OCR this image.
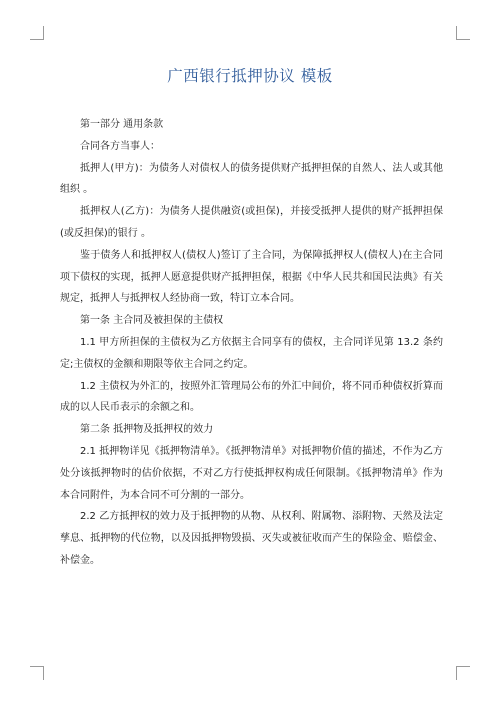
广西银行抵押协议 模板

第一部分 通用条款

合同各方当事人：

抵押人(甲方)：为债务人对债权人的债务提供财产抵押担保的自然人、法人或其他组织 。

抵押权人(乙方)：为债务人提供融资(或担保)，并接受抵押人提供的财产抵押担保(或反担保)的银行 。

鉴于债务人和抵押权人(债权人)签订了主合同，为保障抵押权人(债权人)在主合同项下债权的实现，抵押人愿意提供财产抵押担保，根据《中华人民共和国民法典》有关规定，抵押人与抵押权人经协商一致，特订立本合同。

第一条 主合同及被担保的主债权

1.1 甲方所担保的主债权为乙方依据主合同享有的债权，主合同详见第 13.2 条约定;主债权的金额和期限等依主合同之约定。

1.2 主债权为外汇的，按照外汇管理局公布的外汇中间价，将不同币种债权折算而成的以人民币表示的余额之和。

第二条 抵押物及抵押权的效力

2.1 抵押物详见《抵押物清单》。《抵押物清单》对抵押物价值的描述，不作为乙方处分该抵押物时的估价依据，不对乙方行使抵押权构成任何限制。《抵押物清单》作为本合同附件，为本合同不可分割的一部分。

2.2 乙方抵押权的效力及于抵押物的从物、从权利、附属物、添附物、天然及法定孳息、抵押物的代位物，以及因抵押物毁损、灭失或被征收而产生的保险金、赔偿金、补偿金。
